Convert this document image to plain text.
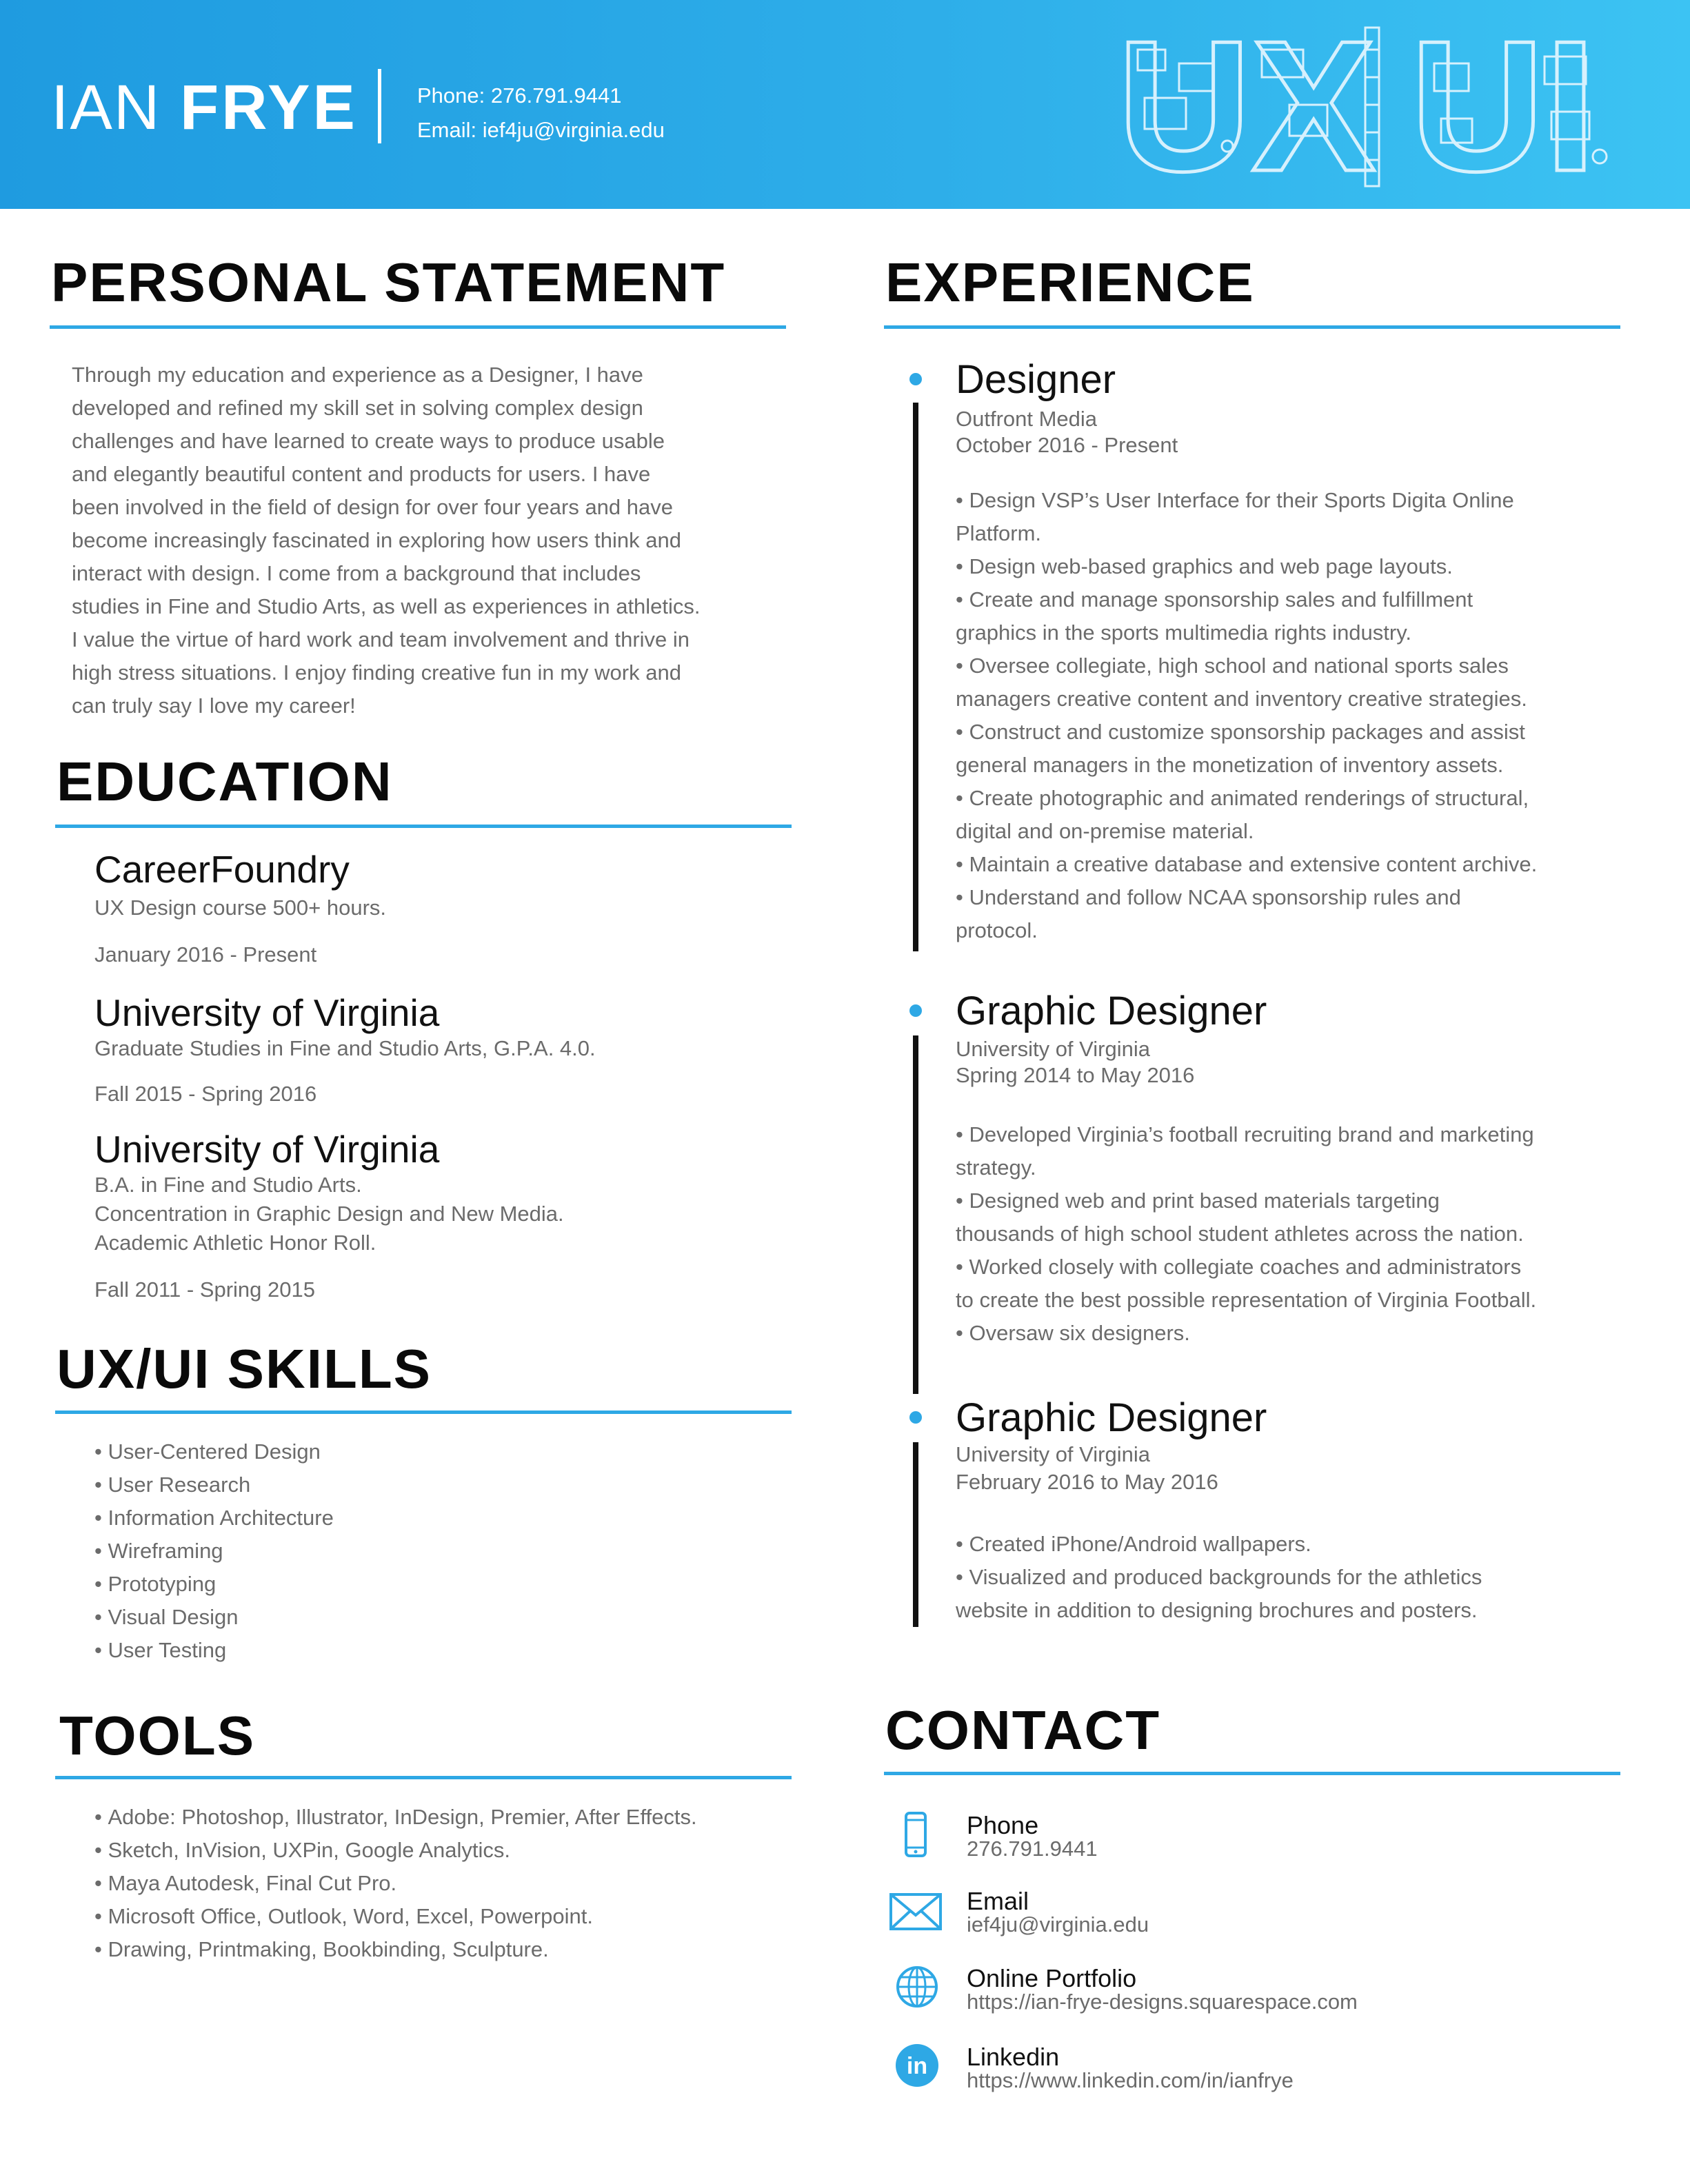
IAN FRYE	Phone: 276.791.9441
Email: ief4ju@virginia.edu UX UI
PERSONAL STATEMENT
Through my education and experience as a Designer, I have
developed and refined my skill set in solving complex design
challenges and have learned to create ways to produce usable
and elegantly beautiful content and products for users. I have
been involved in the field of design for over four years and have
become increasingly fascinated in exploring how users think and
interact with design. I come from a background that includes
studies in Fine and Studio Arts, as well as experiences in athletics.
I value the virtue of hard work and team involvement and thrive in
high stress situations. I enjoy finding creative fun in my work and
can truly say I love my career!
EDUCATION
CareerFoundry
UX Design course 500+ hours.
January 2016 - Present
University of Virginia
Graduate Studies in Fine and Studio Arts, G.P.A. 4.0.
Fall 2015 - Spring 2016
University of Virginia
B.A. in Fine and Studio Arts.
Concentration in Graphic Design and New Media.
Academic Athletic Honor Roll.
Fall 2011 - Spring 2015
UX/UI SKILLS
• User-Centered Design
• User Research
• Information Architecture
• Wireframing
• Prototyping
• Visual Design
• User Testing
TOOLS
• Adobe: Photoshop, Illustrator, InDesign, Premier, After Effects.
• Sketch, InVision, UXPin, Google Analytics.
• Maya Autodesk, Final Cut Pro.
• Microsoft Office, Outlook, Word, Excel, Powerpoint.
• Drawing, Printmaking, Bookbinding, Sculpture.
EXPERIENCE
Designer
Outfront Media
October 2016 - Present
• Design VSP’s User Interface for their Sports Digita Online
Platform.
• Design web-based graphics and web page layouts.
• Create and manage sponsorship sales and fulfillment
graphics in the sports multimedia rights industry.
• Oversee collegiate, high school and national sports sales
managers creative content and inventory creative strategies.
• Construct and customize sponsorship packages and assist
general managers in the monetization of inventory assets.
• Create photographic and animated renderings of structural,
digital and on-premise material.
• Maintain a creative database and extensive content archive.
• Understand and follow NCAA sponsorship rules and
protocol.
Graphic Designer
University of Virginia
Spring 2014 to May 2016
• Developed Virginia’s football recruiting brand and marketing
strategy.
• Designed web and print based materials targeting
thousands of high school student athletes across the nation.
• Worked closely with collegiate coaches and administrators
to create the best possible representation of Virginia Football.
• Oversaw six designers.
Graphic Designer
University of Virginia
February 2016 to May 2016
• Created iPhone/Android wallpapers.
• Visualized and produced backgrounds for the athletics
website in addition to designing brochures and posters.
CONTACT
Phone
276.791.9441
Email
ief4ju@virginia.edu
Online Portfolio
https://ian-frye-designs.squarespace.com
in Linkedin
https://www.linkedin.com/in/ianfrye
